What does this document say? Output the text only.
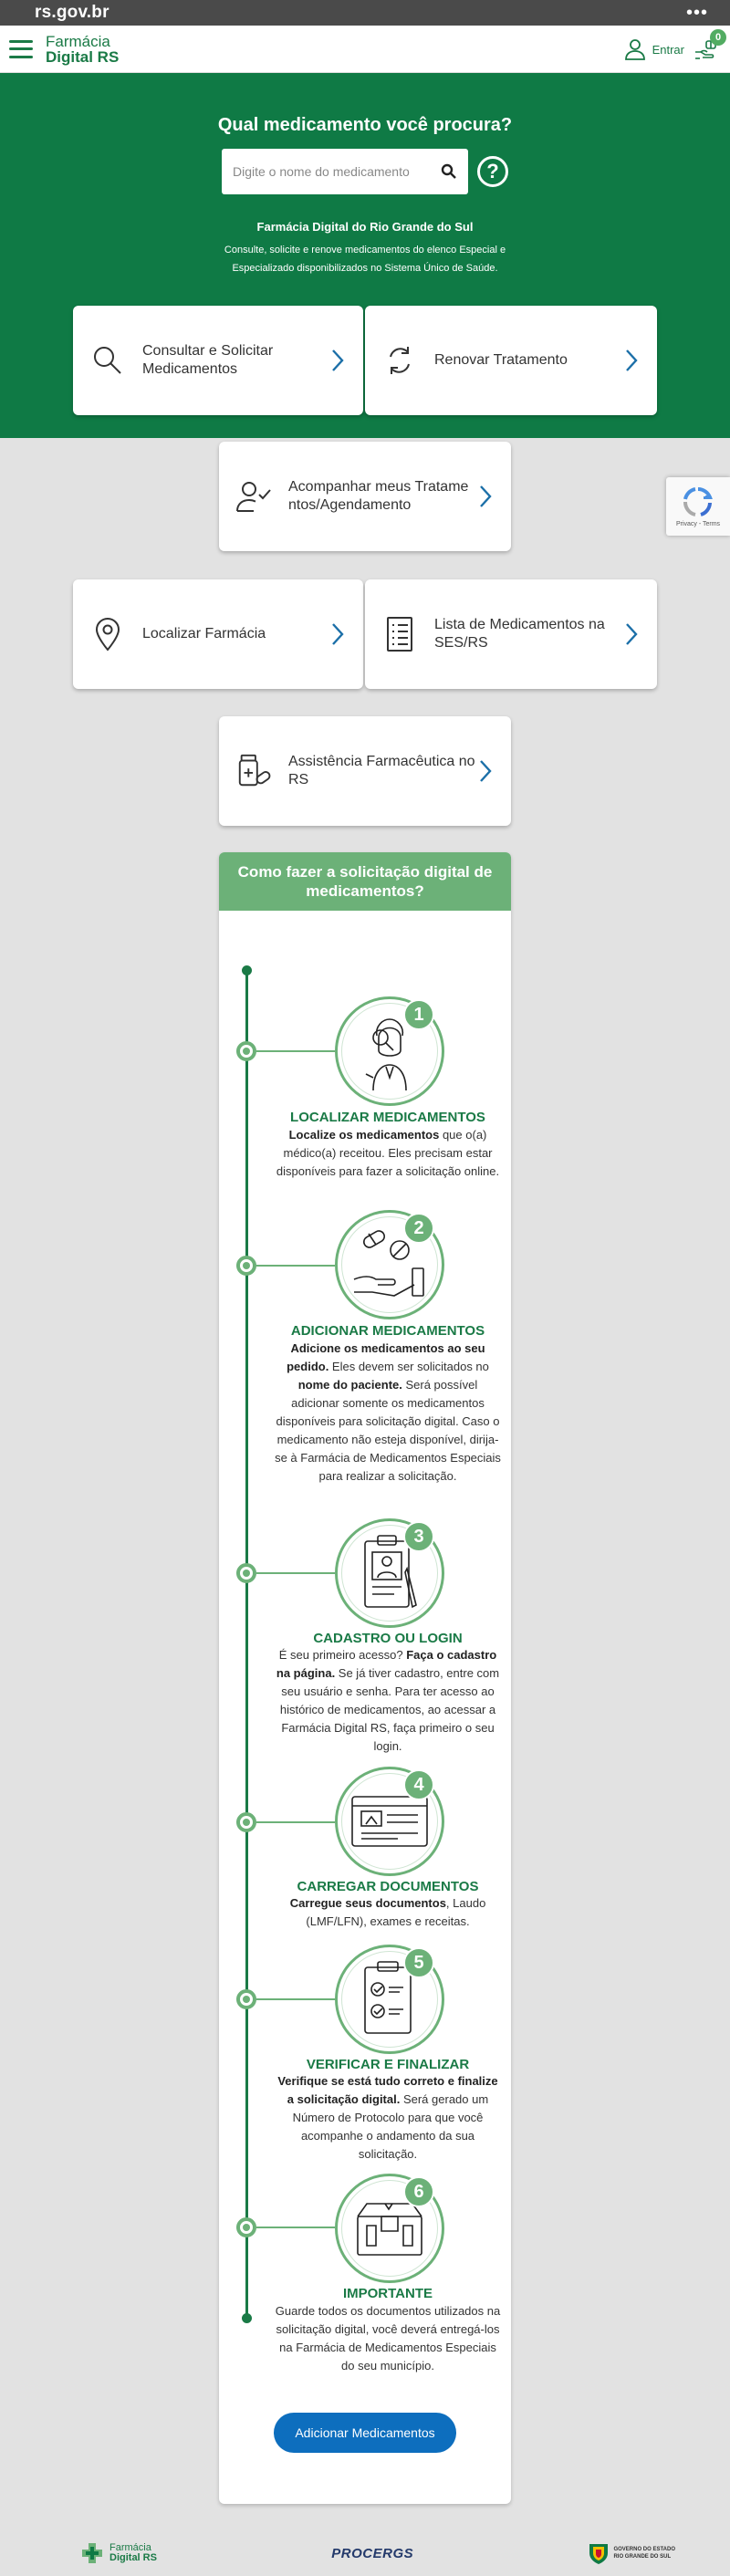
rs.gov.br	•••
Farmácia
Digital RS	Entrar
0
Qual medicamento você procura?
Digite o nome do medicamento
?
Farmácia Digital do Rio Grande do Sul
Consulte, solicite e renove medicamentos do elenco Especial e Especializado disponibilizados no Sistema Único de Saúde.
Consultar e Solicitar Medicamentos
Renovar Tratamento
Acompanhar meus Tratamentos/Agendamento
Privacy - Terms
Localizar Farmácia
Lista de Medicamentos na SES/RS
Assistência Farmacêutica no RS
Como fazer a solicitação digital de medicamentos?
1
LOCALIZAR MEDICAMENTOS
Localize os medicamentos que o(a) médico(a) receitou. Eles precisam estar disponíveis para fazer a solicitação online.
2
ADICIONAR MEDICAMENTOS
Adicione os medicamentos ao seu pedido. Eles devem ser solicitados no nome do paciente. Será possível adicionar somente os medicamentos disponíveis para solicitação digital. Caso o medicamento não esteja disponível, dirija-se à Farmácia de Medicamentos Especiais para realizar a solicitação.
3
CADASTRO OU LOGIN
É seu primeiro acesso? Faça o cadastro na página. Se já tiver cadastro, entre com seu usuário e senha. Para ter acesso ao histórico de medicamentos, ao acessar a Farmácia Digital RS, faça primeiro o seu login.
4
CARREGAR DOCUMENTOS
Carregue seus documentos, Laudo (LMF/LFN), exames e receitas.
5
VERIFICAR E FINALIZAR
Verifique se está tudo correto e finalize a solicitação digital. Será gerado um Número de Protocolo para que você acompanhe o andamento da sua solicitação.
6
IMPORTANTE
Guarde todos os documentos utilizados na solicitação digital, você deverá entregá-los na Farmácia de Medicamentos Especiais do seu município.
Adicionar Medicamentos
Farmácia
Digital RS	PROCERGS	GOVERNO DO ESTADO
RIO GRANDE DO SUL
